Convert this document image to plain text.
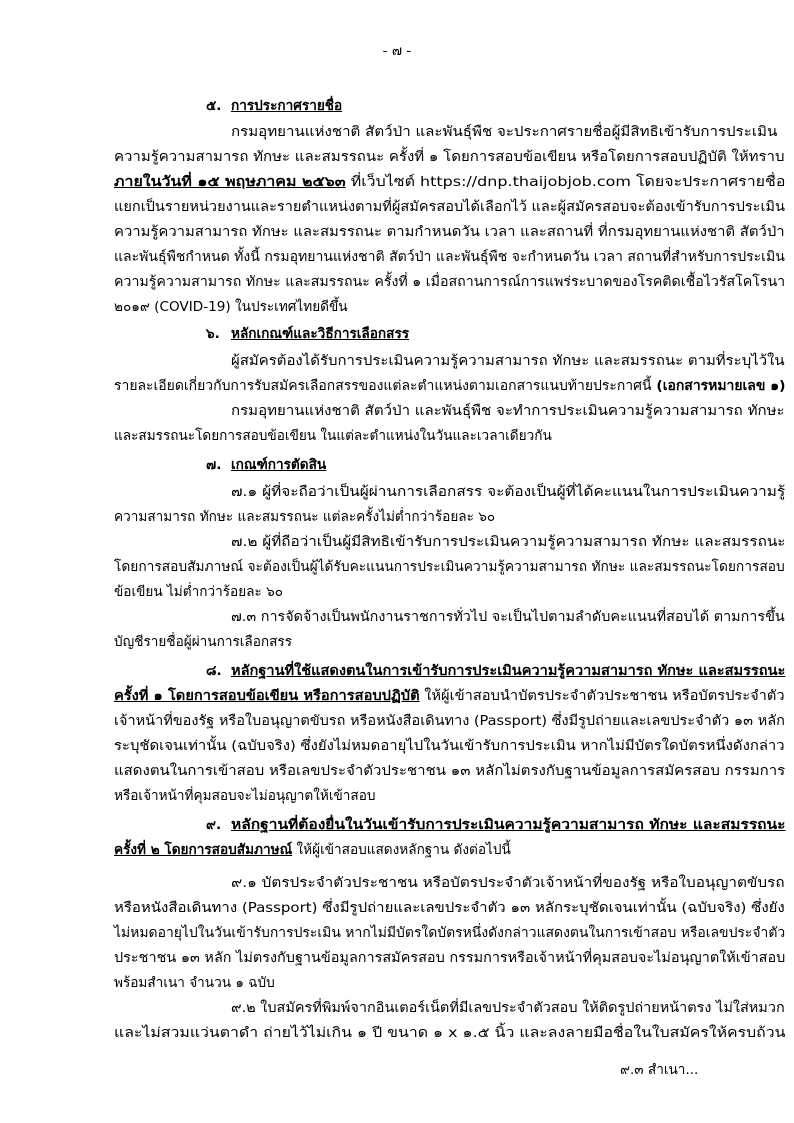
- ๗ -
๕. การประกาศรายชื่อ
กรมอุทยานแห่งชาติ สัตว์ป่า และพันธุ์พืช จะประกาศรายชื่อผู้มีสิทธิเข้ารับการประเมิน
ความรู้ความสามารถ ทักษะ และสมรรถนะ ครั้งที่ ๑ โดยการสอบข้อเขียน หรือโดยการสอบปฏิบัติ ให้ทราบ
ภายในวันที่ ๑๕ พฤษภาคม ๒๕๖๓ ที่เว็บไซต์ https://dnp.thaijobjob.com โดยจะประกาศรายชื่อ
แยกเป็นรายหน่วยงานและรายตำแหน่งตามที่ผู้สมัครสอบได้เลือกไว้ และผู้สมัครสอบจะต้องเข้ารับการประเมิน
ความรู้ความสามารถ ทักษะ และสมรรถนะ ตามกำหนดวัน เวลา และสถานที่ ที่กรมอุทยานแห่งชาติ สัตว์ป่า
และพันธุ์พืชกำหนด ทั้งนี้ กรมอุทยานแห่งชาติ สัตว์ป่า และพันธุ์พืช จะกำหนดวัน เวลา สถานที่สำหรับการประเมิน
ความรู้ความสามารถ ทักษะ และสมรรถนะ ครั้งที่ ๑ เมื่อสถานการณ์การแพร่ระบาดของโรคติดเชื้อไวรัสโคโรนา
๒๐๑๙ (COVID-19) ในประเทศไทยดีขึ้น
๖. หลักเกณฑ์และวิธีการเลือกสรร
ผู้สมัครต้องได้รับการประเมินความรู้ความสามารถ ทักษะ และสมรรถนะ ตามที่ระบุไว้ใน
รายละเอียดเกี่ยวกับการรับสมัครเลือกสรรของแต่ละตำแหน่งตามเอกสารแนบท้ายประกาศนี้ (เอกสารหมายเลข ๑)
กรมอุทยานแห่งชาติ สัตว์ป่า และพันธุ์พืช จะทำการประเมินความรู้ความสามารถ ทักษะ
และสมรรถนะโดยการสอบข้อเขียน ในแต่ละตำแหน่งในวันและเวลาเดียวกัน
๗. เกณฑ์การตัดสิน
๗.๑ ผู้ที่จะถือว่าเป็นผู้ผ่านการเลือกสรร จะต้องเป็นผู้ที่ได้คะแนนในการประเมินความรู้
ความสามารถ ทักษะ และสมรรถนะ แต่ละครั้งไม่ต่ำกว่าร้อยละ ๖๐
๗.๒ ผู้ที่ถือว่าเป็นผู้มีสิทธิเข้ารับการประเมินความรู้ความสามารถ ทักษะ และสมรรถนะ
โดยการสอบสัมภาษณ์ จะต้องเป็นผู้ได้รับคะแนนการประเมินความรู้ความสามารถ ทักษะ และสมรรถนะโดยการสอบ
ข้อเขียน ไม่ต่ำกว่าร้อยละ ๖๐
๗.๓ การจัดจ้างเป็นพนักงานราชการทั่วไป จะเป็นไปตามลำดับคะแนนที่สอบได้ ตามการขึ้น
บัญชีรายชื่อผู้ผ่านการเลือกสรร
๘. หลักฐานที่ใช้แสดงตนในการเข้ารับการประเมินความรู้ความสามารถ ทักษะ และสมรรถนะ
ครั้งที่ ๑ โดยการสอบข้อเขียน หรือการสอบปฏิบัติ ให้ผู้เข้าสอบนำบัตรประจำตัวประชาชน หรือบัตรประจำตัว
เจ้าหน้าที่ของรัฐ หรือใบอนุญาตขับรถ หรือหนังสือเดินทาง (Passport) ซึ่งมีรูปถ่ายและเลขประจำตัว ๑๓ หลัก
ระบุชัดเจนเท่านั้น (ฉบับจริง) ซึ่งยังไม่หมดอายุไปในวันเข้ารับการประเมิน หากไม่มีบัตรใดบัตรหนึ่งดังกล่าว
แสดงตนในการเข้าสอบ หรือเลขประจำตัวประชาชน ๑๓ หลักไม่ตรงกับฐานข้อมูลการสมัครสอบ กรรมการ
หรือเจ้าหน้าที่คุมสอบจะไม่อนุญาตให้เข้าสอบ
๙. หลักฐานที่ต้องยื่นในวันเข้ารับการประเมินความรู้ความสามารถ ทักษะ และสมรรถนะ
ครั้งที่ ๒ โดยการสอบสัมภาษณ์ ให้ผู้เข้าสอบแสดงหลักฐาน ดังต่อไปนี้
๙.๑ บัตรประจำตัวประชาชน หรือบัตรประจำตัวเจ้าหน้าที่ของรัฐ หรือใบอนุญาตขับรถ
หรือหนังสือเดินทาง (Passport) ซึ่งมีรูปถ่ายและเลขประจำตัว ๑๓ หลักระบุชัดเจนเท่านั้น (ฉบับจริง) ซึ่งยัง
ไม่หมดอายุไปในวันเข้ารับการประเมิน หากไม่มีบัตรใดบัตรหนึ่งดังกล่าวแสดงตนในการเข้าสอบ หรือเลขประจำตัว
ประชาชน ๑๓ หลัก ไม่ตรงกับฐานข้อมูลการสมัครสอบ กรรมการหรือเจ้าหน้าที่คุมสอบจะไม่อนุญาตให้เข้าสอบ
พร้อมสำเนา จำนวน ๑ ฉบับ
๙.๒ ใบสมัครที่พิมพ์จากอินเตอร์เน็ตที่มีเลขประจำตัวสอบ ให้ติดรูปถ่ายหน้าตรง ไม่ใส่หมวก
และไม่สวมแว่นตาดำ ถ่ายไว้ไม่เกิน ๑ ปี ขนาด ๑ x ๑.๕ นิ้ว และลงลายมือชื่อในใบสมัครให้ครบถ้วน
๙.๓ สำเนา...
